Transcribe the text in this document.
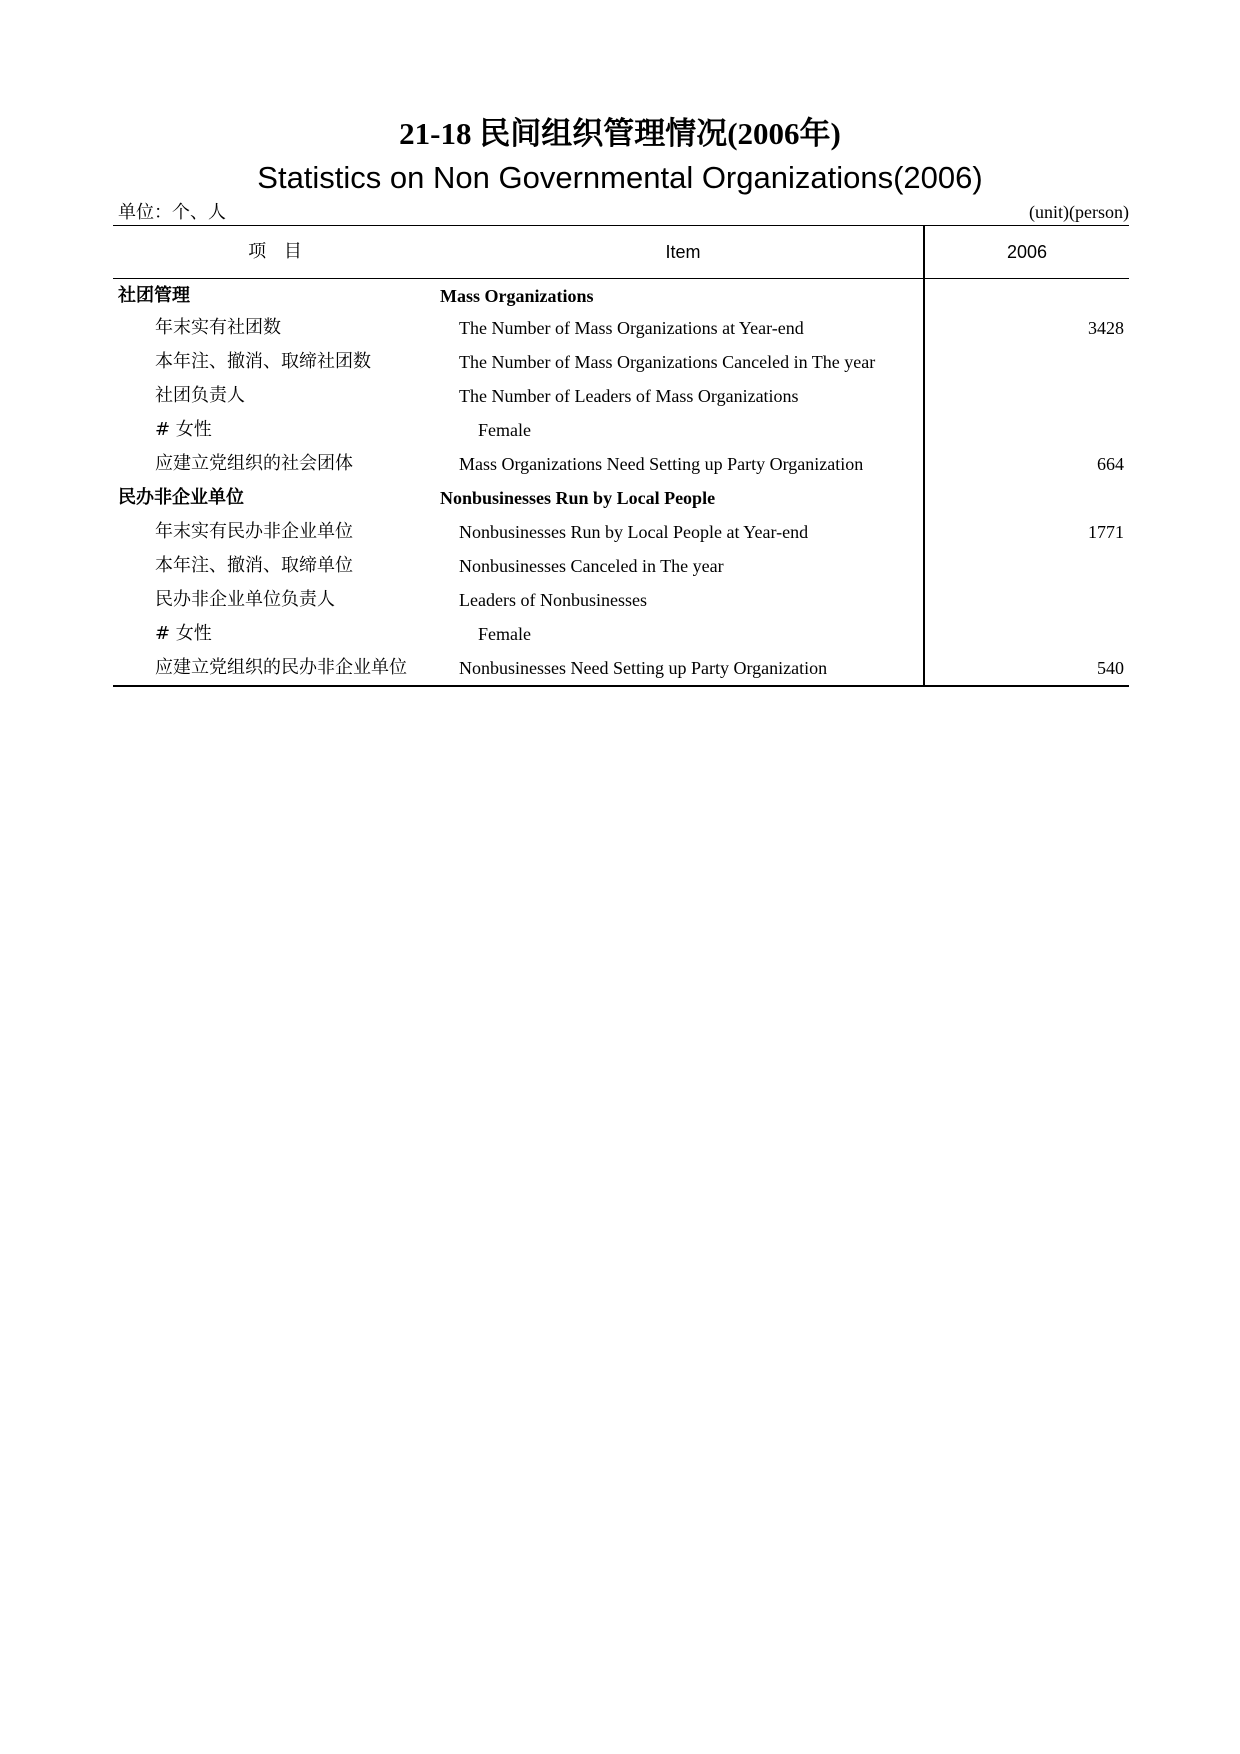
21-18 民间组织管理情况(2006年)
Statistics on Non Governmental Organizations(2006)
单位：个、人	(unit)(person)
项 目	Item	2006
社团管理	Mass Organizations
年末实有社团数	The Number of Mass Organizations at Year-end	3428
本年注、撤消、取缔社团数	The Number of Mass Organizations Canceled in The year
社团负责人	The Number of Leaders of Mass Organizations
# 女性	Female
应建立党组织的社会团体	Mass Organizations Need Setting up Party Organization	664
民办非企业单位	Nonbusinesses Run by Local People
年末实有民办非企业单位	Nonbusinesses Run by Local People at Year-end	1771
本年注、撤消、取缔单位	Nonbusinesses Canceled in The year
民办非企业单位负责人	Leaders of Nonbusinesses
# 女性	Female
应建立党组织的民办非企业单位	Nonbusinesses Need Setting up Party Organization	540
